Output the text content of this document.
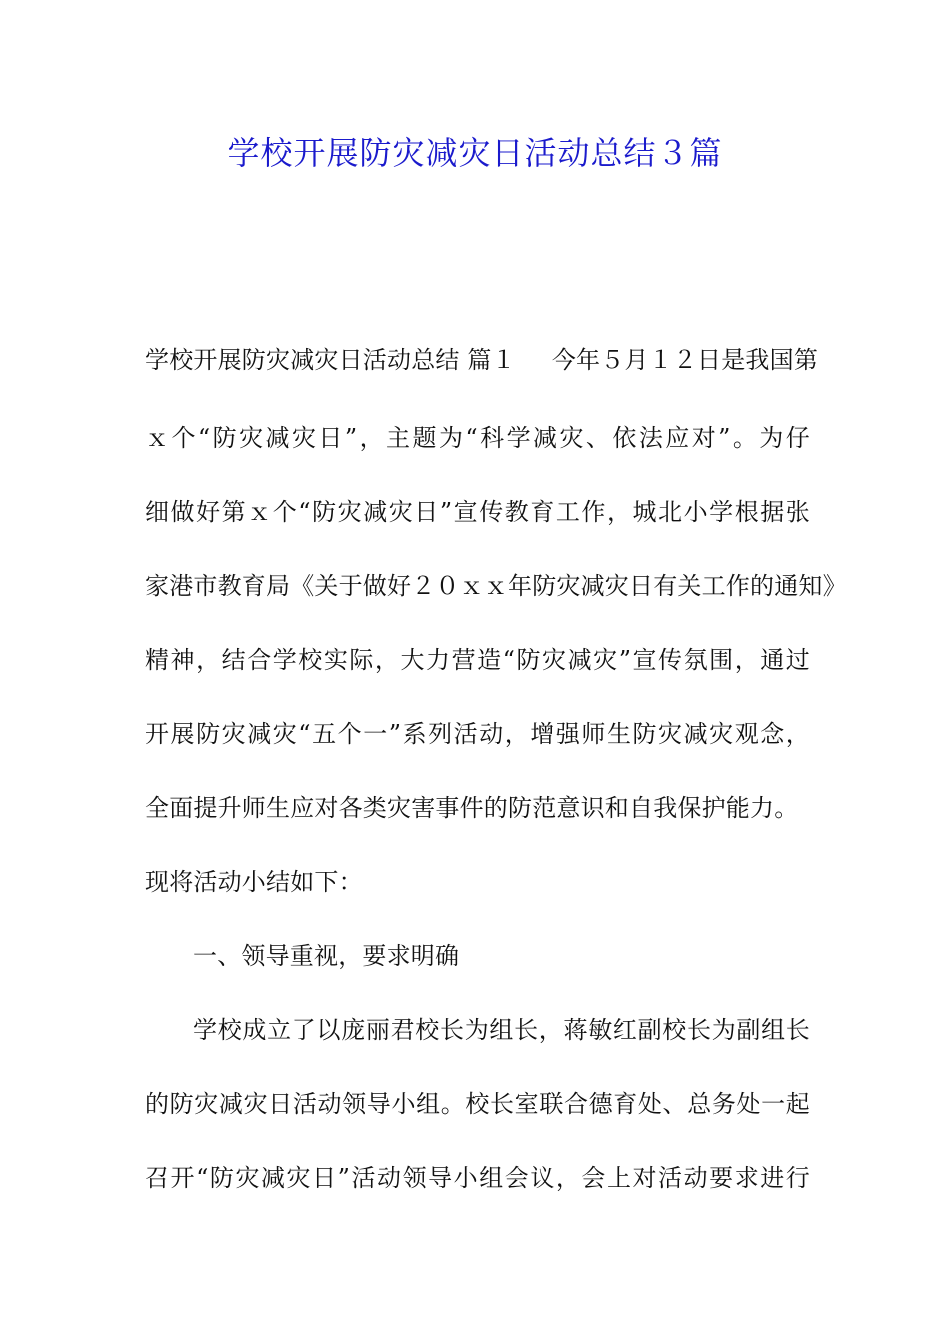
学校开展防灾减灾日活动总结３篇
学校开展防灾减灾日活动总结 篇１ 今年５月１２日是我国第
ｘ个“防灾减灾日”，主题为“科学减灾、依法应对”。为仔
细做好第ｘ个“防灾减灾日”宣传教育工作，城北小学根据张
家港市教育局《关于做好２０ｘｘ年防灾减灾日有关工作的通知》
精神，结合学校实际，大力营造“防灾减灾”宣传氛围，通过
开展防灾减灾“五个一”系列活动，增强师生防灾减灾观念，
全面提升师生应对各类灾害事件的防范意识和自我保护能力。
现将活动小结如下：
一、领导重视，要求明确
学校成立了以庞丽君校长为组长，蒋敏红副校长为副组长
的防灾减灾日活动领导小组。校长室联合德育处、总务处一起
召开“防灾减灾日”活动领导小组会议，会上对活动要求进行
